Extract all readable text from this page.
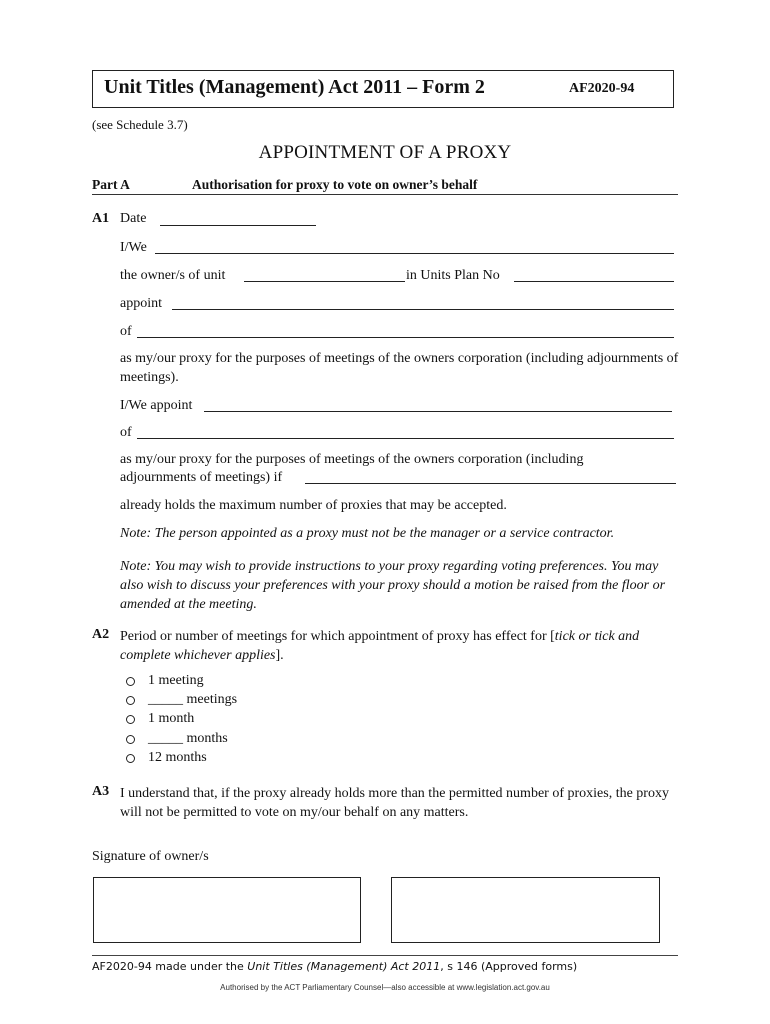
Unit Titles (Management) Act 2011 – Form 2	AF2020-94
(see Schedule 3.7)
APPOINTMENT OF A PROXY
Part A	Authorisation for proxy to vote on owner’s behalf
A1 Date
I/We
the owner/s of unit	in Units Plan No
appoint
of
as my/our proxy for the purposes of meetings of the owners corporation (including adjournments of meetings).
I/We appoint
of
as my/our proxy for the purposes of meetings of the owners corporation (including
adjournments of meetings) if
already holds the maximum number of proxies that may be accepted.
Note: The person appointed as a proxy must not be the manager or a service contractor.
Note: You may wish to provide instructions to your proxy regarding voting preferences. You may also wish to discuss your preferences with your proxy should a motion be raised from the floor or amended at the meeting.
A2 Period or number of meetings for which appointment of proxy has effect for [tick or tick and complete whichever applies].
1 meeting
_____ meetings
1 month
_____ months
12 months
A3 I understand that, if the proxy already holds more than the permitted number of proxies, the proxy will not be permitted to vote on my/our behalf on any matters.
Signature of owner/s
AF2020-94 made under the Unit Titles (Management) Act 2011, s 146 (Approved forms)
Authorised by the ACT Parliamentary Counsel—also accessible at www.legislation.act.gov.au
